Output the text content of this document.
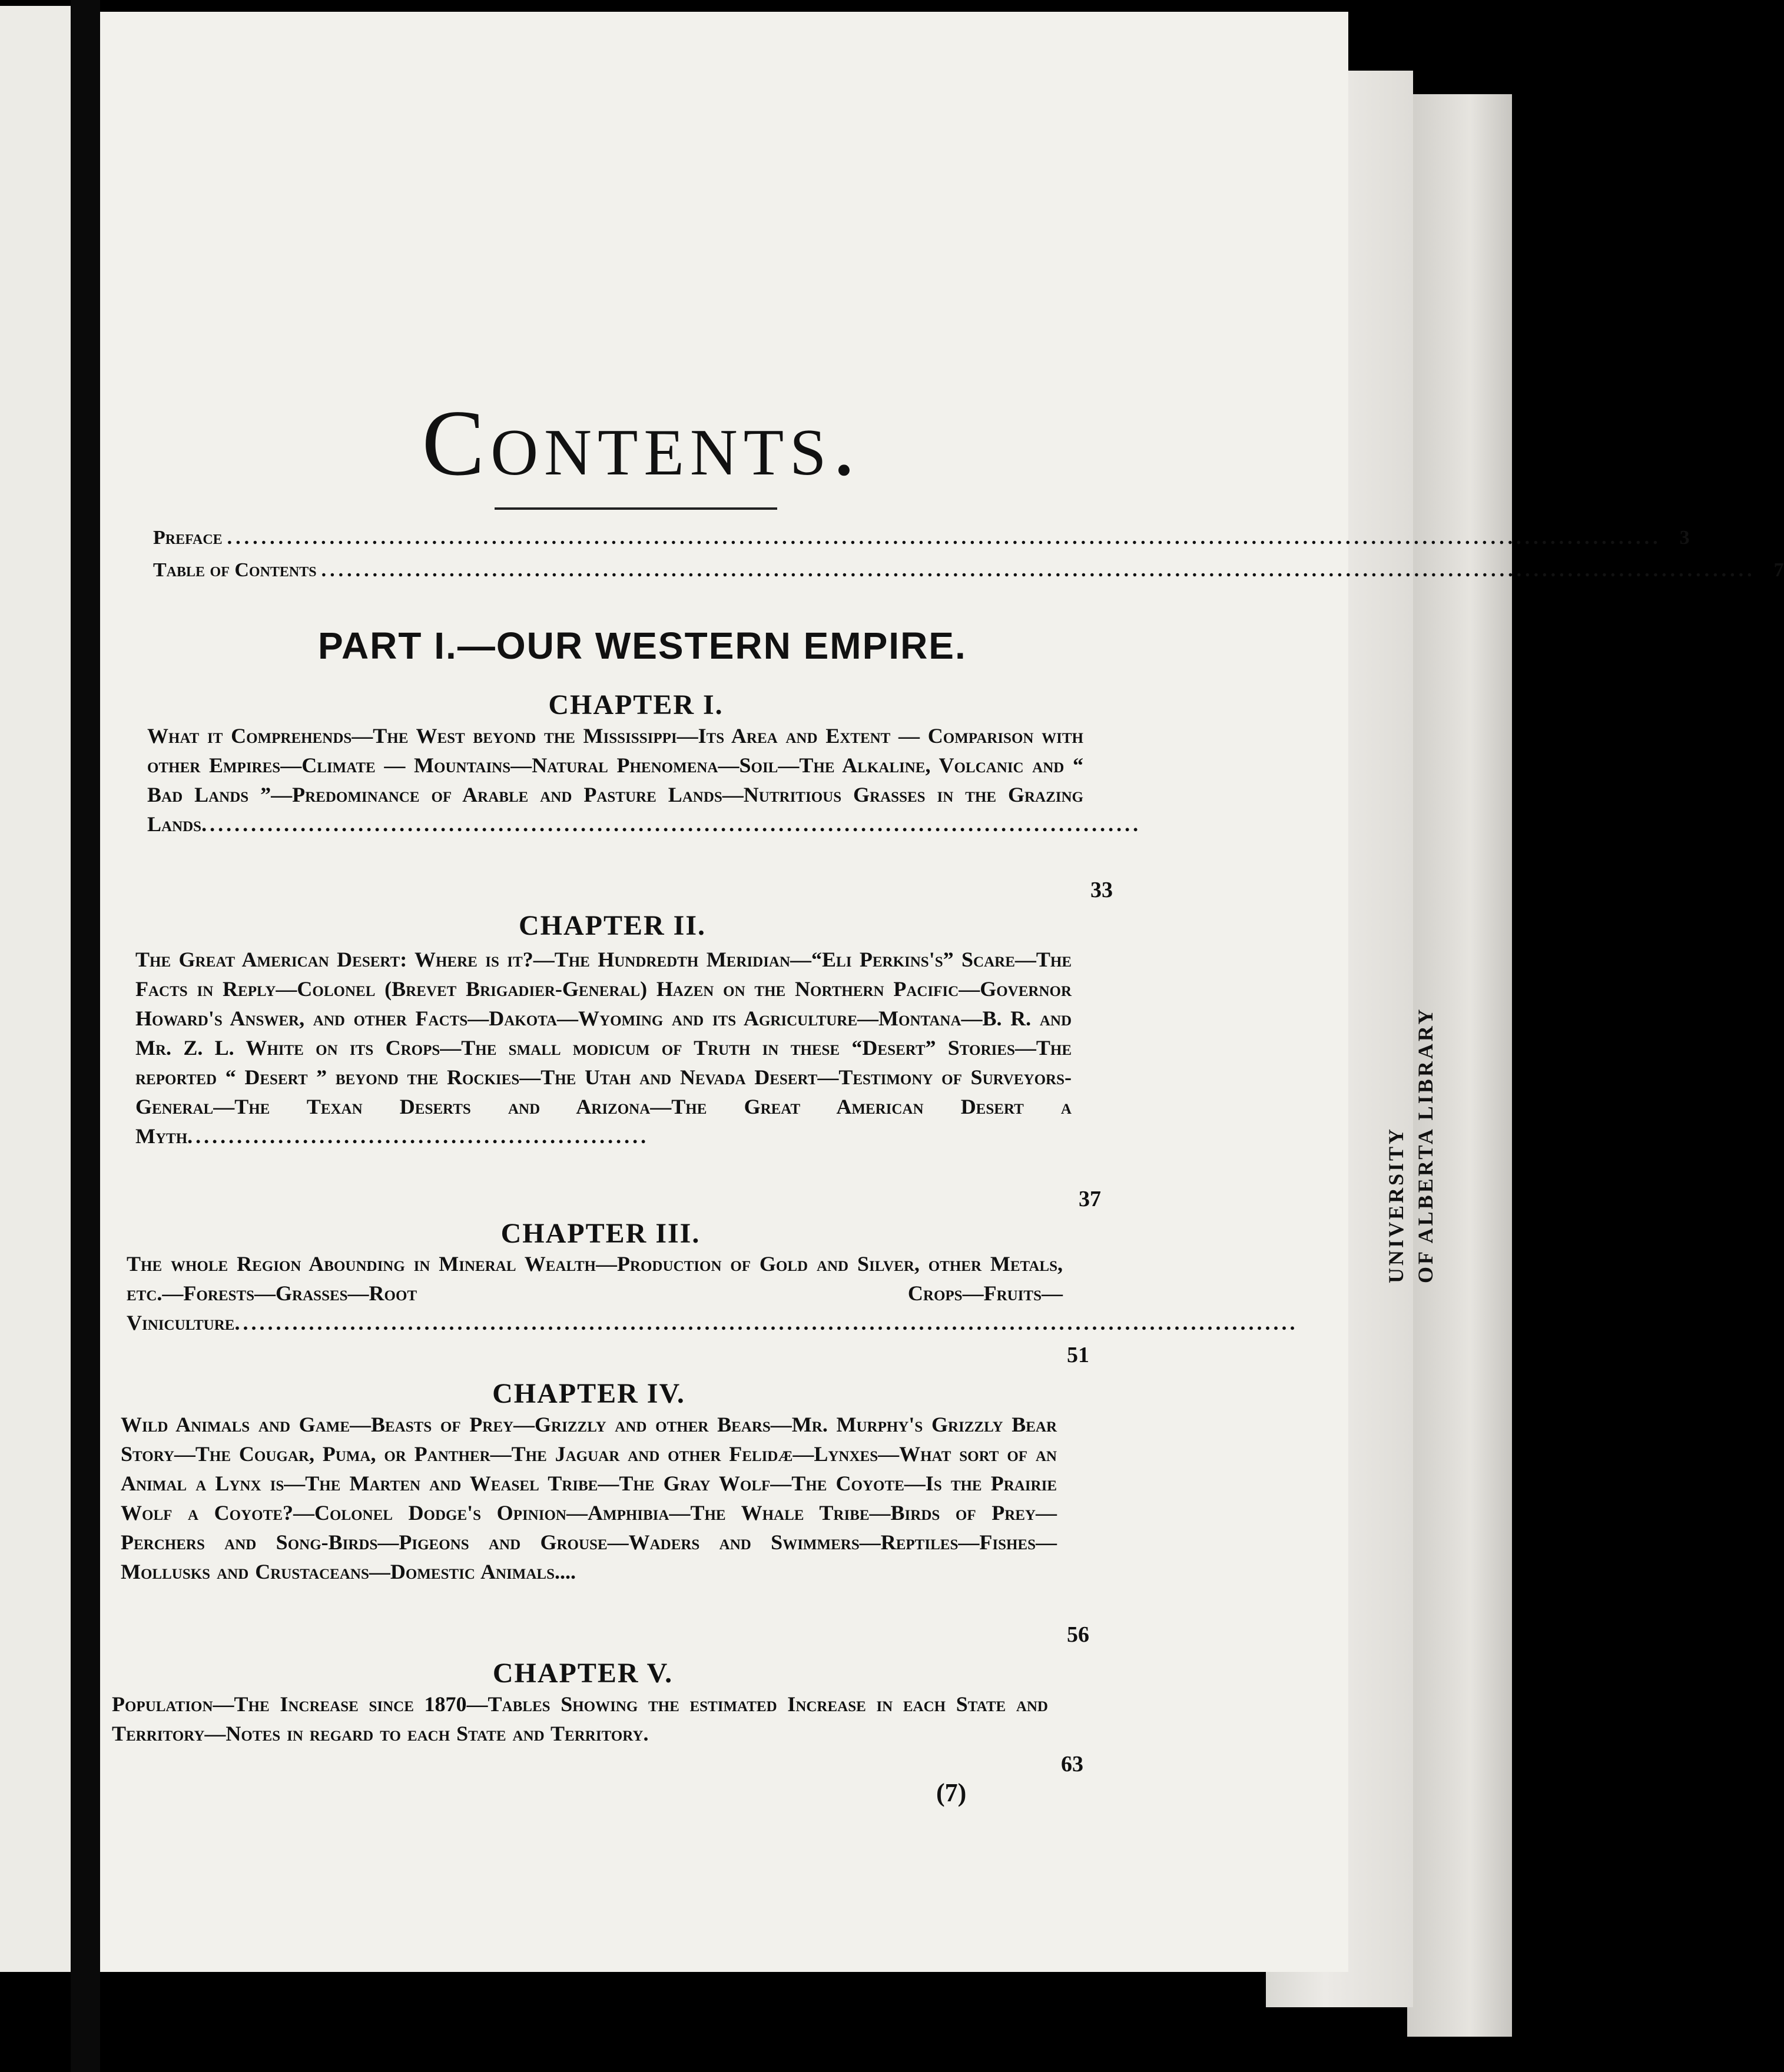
UNIVERSITY OF ALBERTA LIBRARY
Contents.
Preface ........................................................................................................................................................................ 3
Table of Contents ........................................................................................................................................................................ 7
PART I.—OUR WESTERN EMPIRE.
CHAPTER I.
What it Comprehends—The West beyond the Mississippi—Its Area and Extent — Comparison with other Empires—Climate — Mountains—Natural Phenomena—Soil—The Alkaline, Volcanic and “ Bad Lands ”—Predominance of Arable and Pasture Lands—Nutritious Grasses in the Grazing Lands..................................................................................................................
33
CHAPTER II.
The Great American Desert: Where is it?—The Hundredth Meridian—“Eli Perkins's” Scare—The Facts in Reply—Colonel (Brevet Brigadier-General) Hazen on the Northern Pacific—Governor Howard's Answer, and other Facts—Dakota—Wyoming and its Agriculture—Montana—B. R. and Mr. Z. L. White on its Crops—The small modicum of Truth in these “Desert” Stories—The reported “ Desert ” beyond the Rockies—The Utah and Nevada Desert—Testimony of Surveyors-General—The Texan Deserts and Arizona—The Great American Desert a Myth........................................................
37
CHAPTER III.
The whole Region Abounding in Mineral Wealth—Production of Gold and Silver, other Metals, etc.—Forests—Grasses—Root Crops—Fruits—Viniculture.................................................................................................................................
51
CHAPTER IV.
Wild Animals and Game—Beasts of Prey—Grizzly and other Bears—Mr. Murphy's Grizzly Bear Story—The Cougar, Puma, or Panther—The Jaguar and other Felidæ—Lynxes—What sort of an Animal a Lynx is—The Marten and Weasel Tribe—The Gray Wolf—The Coyote—Is the Prairie Wolf a Coyote?—Colonel Dodge's Opinion—Amphibia—The Whale Tribe—Birds of Prey—Perchers and Song-Birds—Pigeons and Grouse—Waders and Swimmers—Reptiles—Fishes—Mollusks and Crustaceans—Domestic Animals....
56
CHAPTER V.
Population—The Increase since 1870—Tables Showing the estimated Increase in each State and Territory—Notes in regard to each State and Territory.
63
(7)
